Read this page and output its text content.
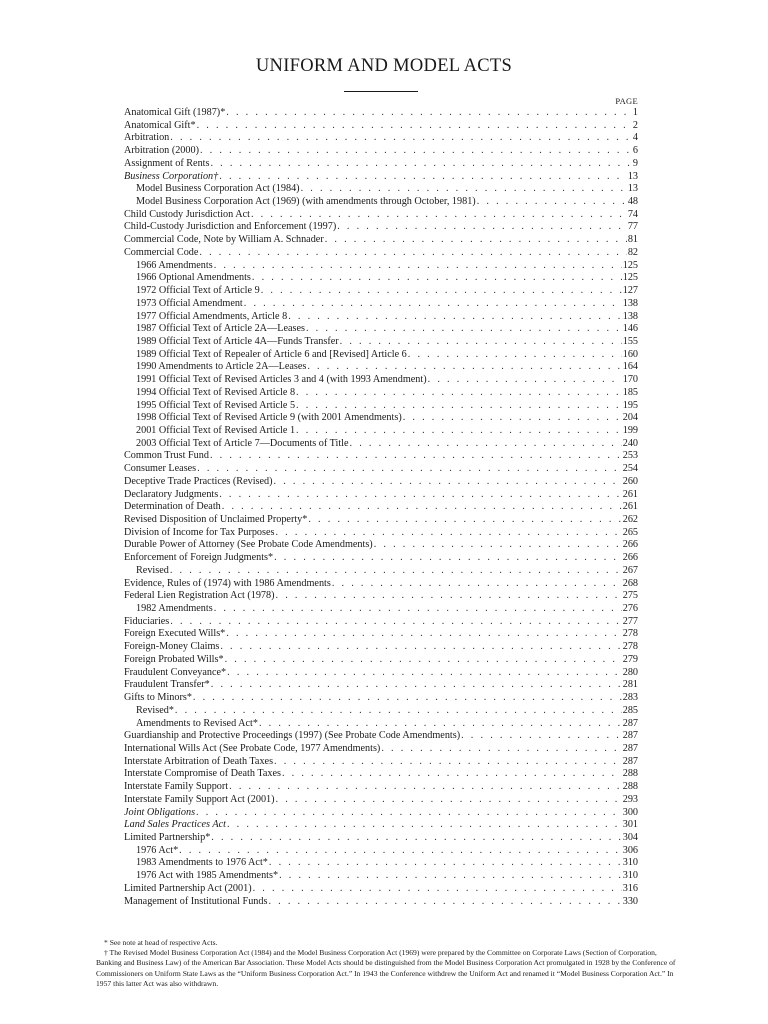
UNIFORM AND MODEL ACTS
PAGE
Anatomical Gift (1987)* . . .	1
Anatomical Gift* . . .	2
Arbitration . . .	4
Arbitration (2000) . . .	6
Assignment of Rents . . .	9
Business Corporation† . . .	13
Model Business Corporation Act (1984) . . .	13
Model Business Corporation Act (1969) (with amendments through October, 1981) . . .	48
Child Custody Jurisdiction Act . . .	74
Child-Custody Jurisdiction and Enforcement (1997) . . .	77
Commercial Code, Note by William A. Schnader . . .	81
Commercial Code . . .	82
1966 Amendments . . .	125
1966 Optional Amendments . . .	125
1972 Official Text of Article 9 . . .	127
1973 Official Amendment . . .	138
1977 Official Amendments, Article 8 . . .	138
1987 Official Text of Article 2A—Leases . . .	146
1989 Official Text of Article 4A—Funds Transfer . . .	155
1989 Official Text of Repealer of Article 6 and [Revised] Article 6 . . .	160
1990 Amendments to Article 2A—Leases . . .	164
1991 Official Text of Revised Articles 3 and 4 (with 1993 Amendment) . . .	170
1994 Official Text of Revised Article 8 . . .	185
1995 Official Text of Revised Article 5 . . .	195
1998 Official Text of Revised Article 9 (with 2001 Amendments) . . .	204
2001 Official Text of Revised Article 1 . . .	199
2003 Official Text of Article 7—Documents of Title . . .	240
Common Trust Fund . . .	253
Consumer Leases . . .	254
Deceptive Trade Practices (Revised) . . .	260
Declaratory Judgments . . .	261
Determination of Death . . .	261
Revised Disposition of Unclaimed Property* . . .	262
Division of Income for Tax Purposes . . .	265
Durable Power of Attorney (See Probate Code Amendments) . . .	266
Enforcement of Foreign Judgments* . . .	266
Revised . . .	267
Evidence, Rules of (1974) with 1986 Amendments . . .	268
Federal Lien Registration Act (1978) . . .	275
1982 Amendments . . .	276
Fiduciaries . . .	277
Foreign Executed Wills* . . .	278
Foreign-Money Claims . . .	278
Foreign Probated Wills* . . .	279
Fraudulent Conveyance* . . .	280
Fraudulent Transfer* . . .	281
Gifts to Minors* . . .	283
Revised* . . .	285
Amendments to Revised Act* . . .	287
Guardianship and Protective Proceedings (1997) (See Probate Code Amendments) . . .	287
International Wills Act (See Probate Code, 1977 Amendments) . . .	287
Interstate Arbitration of Death Taxes . . .	287
Interstate Compromise of Death Taxes . . .	288
Interstate Family Support . . .	288
Interstate Family Support Act (2001) . . .	293
Joint Obligations . . .	300
Land Sales Practices Act . . .	301
Limited Partnership* . . .	304
1976 Act* . . .	306
1983 Amendments to 1976 Act* . . .	310
1976 Act with 1985 Amendments* . . .	310
Limited Partnership Act (2001) . . .	316
Management of Institutional Funds . . .	330

* See note at head of respective Acts.

† The Revised Model Business Corporation Act (1984) and the Model Business Corporation Act (1969) were prepared by the Committee on Corporate Laws (Section of Corporation, Banking and Business Law) of the American Bar Association. These Model Acts should be distinguished from the Model Business Corporation Act promulgated in 1928 by the Conference of Commissioners on Uniform State Laws as the “Uniform Business Corporation Act.” In 1943 the Conference withdrew the Uniform Act and renamed it “Model Business Corporation Act.” In 1957 this latter Act was also withdrawn.
